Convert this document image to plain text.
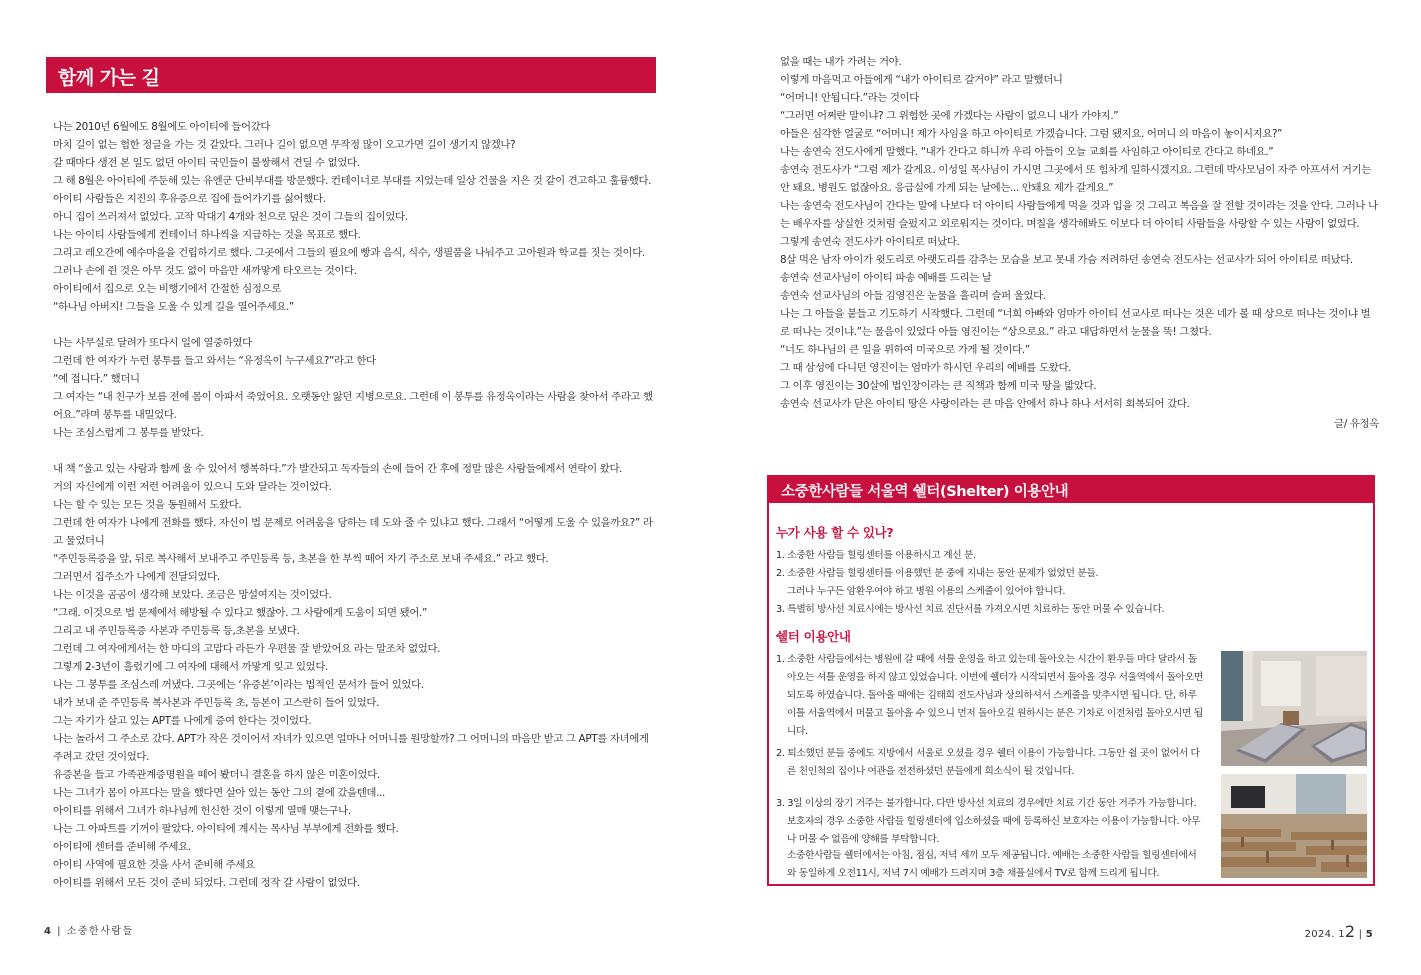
함께 가는 길

나는 2010년 6월에도 8월에도 아이티에 들어갔다

마치 길이 없는 험한 정글을 가는 것 같았다. 그러나 길이 없으면 무작정 많이 오고가면 길이 생기지 않겠나?

갈 때마다 생전 본 일도 없던 아이티 국민들이 불쌍해서 견딜 수 없었다.

그 해 8월은 아이티에 주둔해 있는 유엔군 단비부대를 방문했다. 컨테이너로 부대를 지었는데 일상 건물을 지은 것 같이 견고하고 훌륭했다.

아이티 사람들은 지진의 후유증으로 집에 들어가기를 싫어했다.

아니 집이 쓰러져서 없었다. 고작 막대기 4개와 천으로 덮은 것이 그들의 집이었다.

나는 아이티 사람들에게 컨테이너 하나씩을 지급하는 것을 목표로 했다.

그리고 레오간에 예수마을을 건립하기로 했다. 그곳에서 그들의 필요에 빵과 음식, 식수, 생필품을 나눠주고 고아원과 학교를 짓는 것이다.

그러나 손에 쥔 것은 아무 것도 없이 마음만 새까맣게 타오르는 것이다.

아이티에서 집으로 오는 비행기에서 간절한 심정으로

“하나님 아버지! 그들을 도울 수 있게 길을 열어주세요.”

나는 사무실로 달려가 또다시 일에 열중하였다

그런데 한 여자가 누런 봉투를 들고 와서는 “유정옥이 누구세요?”라고 한다

“예 접니다.” 했더니

그 여자는 “내 친구가 보름 전에 몸이 아파서 죽었어요. 오랫동안 앓던 지병으로요. 그런데 이 봉투를 유정옥이라는 사람을 찾아서 주라고 했어요.”라며 봉투를 내밀었다.

나는 조심스럽게 그 봉투를 받았다.

내 책 “울고 있는 사람과 함께 울 수 있어서 행복하다.”가 발간되고 독자들의 손에 들어 간 후에 정말 많은 사람들에게서 연락이 왔다.

거의 자신에게 이런 저런 어려움이 있으니 도와 달라는 것이었다.

나는 할 수 있는 모든 것을 동원해서 도왔다.

그런데 한 여자가 나에게 전화를 했다. 자신이 법 문제로 어려움을 당하는 데 도와 줄 수 있냐고 했다. 그래서 “어떻게 도울 수 있을까요?” 라고 물었더니

“주민등록증을 앞, 뒤로 복사해서 보내주고 주민등록 등, 초본을 한 부씩 떼어 자기 주소로 보내 주세요.” 라고 했다.

그러면서 집주소가 나에게 전달되었다.

나는 이것을 곰곰이 생각해 보았다. 조금은 망설여지는 것이었다.

“그래. 이것으로 법 문제에서 해방될 수 있다고 했잖아. 그 사람에게 도움이 되면 됐어.”

그리고 내 주민등록증 사본과 주민등록 등,초본을 보냈다.

그런데 그 여자에게서는 한 마디의 고맙다 라든가 우편물 잘 받았어요 라는 말조차 없었다.

그렇게 2-3년이 흘렀기에 그 여자에 대해서 까맣게 잊고 있었다.

나는 그 봉투를 조심스레 꺼냈다. 그곳에는 ‘유증본’이라는 법적인 문서가 들어 있었다.

내가 보내 준 주민등록 복사본과 주민등록 초, 등본이 고스란히 들어 있었다.

그는 자기가 살고 있는 APT를 나에게 증여 한다는 것이었다.

나는 놀라서 그 주소로 갔다. APT가 작은 것이어서 자녀가 있으면 얼마나 어머니를 원망할까? 그 어머니의 마음만 받고 그 APT를 자녀에게 주려고 갔던 것이었다.

유증본을 들고 가족관계증명원을 떼어 봤더니 결혼을 하지 않은 미혼이었다.

나는 그녀가 몸이 아프다는 말을 했다면 살아 있는 동안 그의 곁에 갔을텐데...

아이티를 위해서 그녀가 하나님께 헌신한 것이 이렇게 열매 맺는구나.

나는 그 아파트를 기꺼이 팔았다. 아이티에 계시는 목사님 부부에게 전화를 했다.

아이티에 센터를 준비해 주세요.

아이티 사역에 필요한 것을 사서 준비해 주세요

아이티를 위해서 모든 것이 준비 되었다. 그런데 정작 갈 사람이 없었다.

4 | 소중한사람들

없을 때는 내가 가려는 거야.

이렇게 마음먹고 아들에게 “내가 아이티로 갈거야” 라고 말했더니

“어머니! 안됩니다.”라는 것이다

“그러면 어쩌란 말이냐? 그 위험한 곳에 가겠다는 사람이 없으니 내가 가야지.”

아들은 심각한 얼굴로 “어머니! 제가 사임을 하고 아이티로 가겠습니다. 그럼 됐지요. 어머니 의 마음이 놓이시지요?”

나는 송연숙 전도사에게 말했다. “내가 간다고 하니까 우리 아들이 오늘 교회를 사임하고 아이티로 간다고 하네요.”

송연숙 전도사가 “그럼 제가 갈게요. 이성일 목사님이 가시면 그곳에서 또 힘차게 일하시겠지요. 그런데 박사모님이 자주 아프셔서 거기는 안 돼요. 병원도 없잖아요. 응급실에 가게 되는 날에는... 안돼요 제가 갈게요.”

나는 송연숙 전도사님이 간다는 말에 나보다 더 아이티 사람들에게 먹을 것과 입을 것 그리고 복음을 잘 전할 것이라는 것을 안다. 그러나 나는 배우자를 상실한 것처럼 슬펐지고 외로워지는 것이다. 며칠을 생각해봐도 이보다 더 아이티 사람들을 사랑할 수 있는 사람이 없었다.

그렇게 송연숙 전도사가 아이티로 떠났다.

8살 먹은 남자 아이가 윗도리로 아랫도리를 감추는 모습을 보고 못내 가슴 저려하던 송연숙 전도사는 선교사가 되어 아이티로 떠났다.

송연숙 선교사님이 아이티 파송 예배를 드리는 날

송연숙 선교사님의 아들 김영진은 눈물을 흘리며 슬퍼 울었다.

나는 그 아들을 붙들고 기도하기 시작했다. 그런데 “너희 아빠와 엄마가 아이티 선교사로 떠나는 것은 네가 볼 때 상으로 떠나는 것이냐 벌로 떠나는 것이냐.”는 물음이 있었다 아들 영진이는 “상으로요.” 라고 대답하면서 눈물을 뚝! 그쳤다.

“너도 하나님의 큰 일을 위하여 미국으로 가게 될 것이다.”

그 때 삼성에 다니던 영진이는 엄마가 하시던 우리의 예배를 도왔다.

그 이후 영진이는 30살에 법인장이라는 큰 직책과 함께 미국 땅을 밟았다.

송연숙 선교사가 닫은 아이티 땅은 사랑이라는 큰 마음 안에서 하나 하나 서서히 회복되어 갔다.

글/ 유정옥

소중한사람들 서울역 쉘터(Shelter) 이용안내
누가 사용 할 수 있나?

1. 소중한 사람들 힐링센터를 이용하시고 계신 분.

2. 소중한 사람들 힐링센터를 이용했던 분 중에 지내는 동안 문제가 없었던 분들.

그러나 누구든 암환우여야 하고 병원 이용의 스케줄이 있어야 합니다.

3. 특별히 방사선 치료시에는 방사선 치료 진단서를 가져오시면 치료하는 동안 머물 수 있습니다.

쉘터 이용안내

1. 소중한 사람들에서는 병원에 갈 때에 셔틀 운영을 하고 있는데 돌아오는 시간이 환우들 마다 달라서 돌

아오는 셔틀 운영을 하지 않고 있었습니다. 이번에 쉘터가 시작되면서 돌아올 경우 서울역에서 돌아오면

되도록 하였습니다. 돌아올 때에는 김태희 전도사님과 상의하셔서 스케줄을 맞추시면 됩니다. 단, 하루

이틀 서울역에서 머물고 돌아올 수 있으니 먼저 돌아오길 원하시는 분은 기차로 이전처럼 돌아오시면 됩

니다.

2. 퇴소했던 분들 중에도 지방에서 서울로 오셨을 경우 쉘터 이용이 가능합니다. 그동안 쉴 곳이 없어서 다

른 친인척의 집이나 여관을 전전하셨던 분들에게 희소식이 될 것입니다.

3. 3일 이상의 장기 거주는 불가합니다. 다만 방사선 치료의 경우에만 치료 기간 동안 거주가 가능합니다.

보호자의 경우 소중한 사람들 힐링센터에 입소하셨을 때에 등록하신 보호자는 이용이 가능합니다. 아무

나 머물 수 없음에 양해를 부탁합니다.

소중한사람들 쉘터에서는 아침, 점심, 저녁 세끼 모두 제공됩니다. 예배는 소중한 사람들 힐링센터에서

와 동일하게 오전11시, 저녁 7시 예배가 드려지며 3층 채플실에서 TV로 함께 드리게 됩니다.

2024. 12 | 5
